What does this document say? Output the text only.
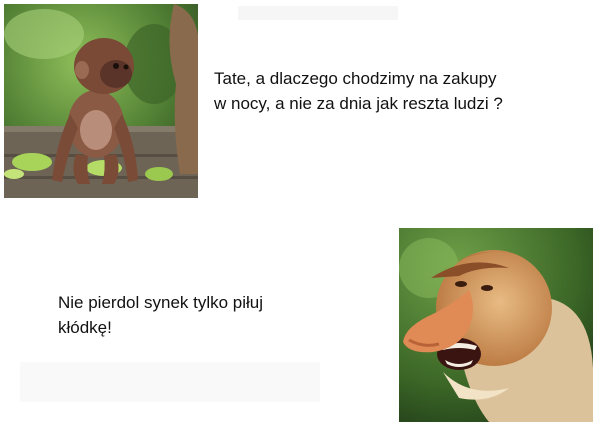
Tate, a dlaczego chodzimy na zakupy
w nocy, a nie za dnia jak reszta ludzi ?

Nie pierdol synek tylko piłuj
kłódkę!
